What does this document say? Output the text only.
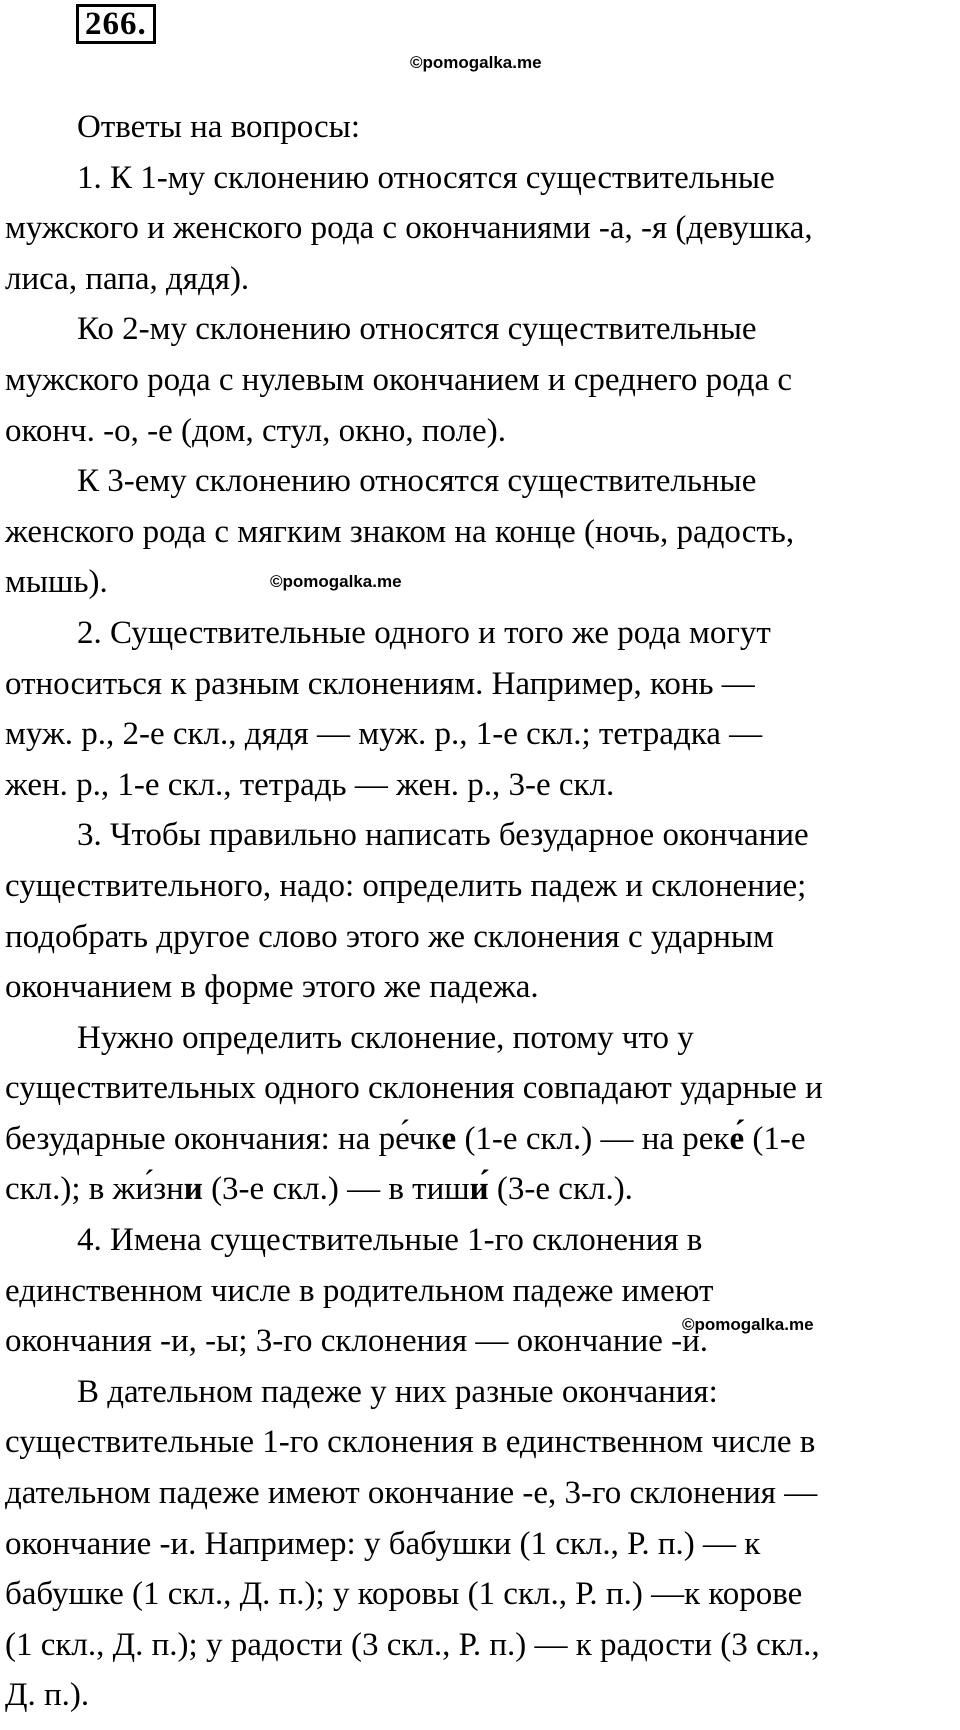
266.
©pomogalka.me
©pomogalka.me
©pomogalka.me
Ответы на вопросы:
1. К 1-му склонению относятся существительные
мужского и женского рода с окончаниями -а, -я (девушка,
лиса, папа, дядя).
Ко 2-му склонению относятся существительные
мужского рода с нулевым окончанием и среднего рода с
оконч. -о, -е (дом, стул, окно, поле).
К 3-ему склонению относятся существительные
женского рода с мягким знаком на конце (ночь, радость,
мышь).
2. Существительные одного и того же рода могут
относиться к разным склонениям. Например, конь —
муж. р., 2-е скл., дядя — муж. р., 1-е скл.; тетрадка —
жен. р., 1-е скл., тетрадь — жен. р., 3-е скл.
3. Чтобы правильно написать безударное окончание
существительного, надо: определить падеж и склонение;
подобрать другое слово этого же склонения с ударным
окончанием в форме этого же падежа.
Нужно определить склонение, потому что у
существительных одного склонения совпадают ударные и
безударные окончания: на ре́чке (1-е скл.) — на реке́ (1-е
скл.); в жи́зни (3-е скл.) — в тиши́ (3-е скл.).
4. Имена существительные 1-го склонения в
единственном числе в родительном падеже имеют
окончания -и, -ы; 3-го склонения — окончание -и.
В дательном падеже у них разные окончания:
существительные 1-го склонения в единственном числе в
дательном падеже имеют окончание -е, 3-го склонения —
окончание -и. Например: у бабушки (1 скл., Р. п.) — к
бабушке (1 скл., Д. п.); у коровы (1 скл., Р. п.) —к корове
(1 скл., Д. п.); у радости (3 скл., Р. п.) — к радости (3 скл.,
Д. п.).
